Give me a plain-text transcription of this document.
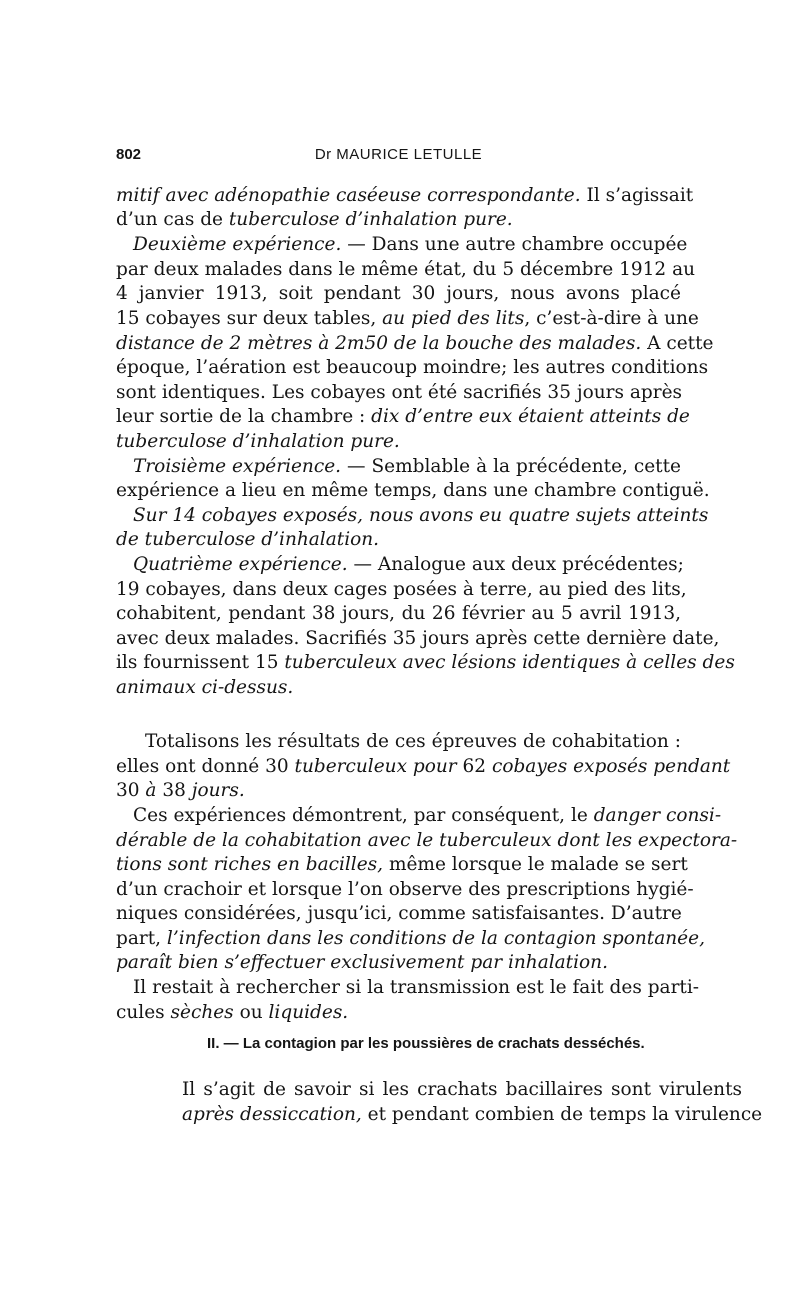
802	Dr MAURICE LETULLE
mitif avec adénopathie caséeuse correspondante. Il s’agissait
d’un cas de tuberculose d’inhalation pure.
Deuxième expérience. — Dans une autre chambre occupée
par deux malades dans le même état, du 5 décembre 1912 au
4 janvier 1913, soit pendant 30 jours, nous avons placé
15 cobayes sur deux tables, au pied des lits, c’est-à-dire à une
distance de 2 mètres à 2m50 de la bouche des malades. A cette
époque, l’aération est beaucoup moindre; les autres conditions
sont identiques. Les cobayes ont été sacrifiés 35 jours après
leur sortie de la chambre : dix d’entre eux étaient atteints de
tuberculose d’inhalation pure.
Troisième expérience. — Semblable à la précédente, cette
expérience a lieu en même temps, dans une chambre contiguë.
Sur 14 cobayes exposés, nous avons eu quatre sujets atteints
de tuberculose d’inhalation.
Quatrième expérience. — Analogue aux deux précédentes;
19 cobayes, dans deux cages posées à terre, au pied des lits,
cohabitent, pendant 38 jours, du 26 février au 5 avril 1913,
avec deux malades. Sacrifiés 35 jours après cette dernière date,
ils fournissent 15 tuberculeux avec lésions identiques à celles des
animaux ci-dessus.
Totalisons les résultats de ces épreuves de cohabitation :
elles ont donné 30 tuberculeux pour 62 cobayes exposés pendant
30 à 38 jours.
Ces expériences démontrent, par conséquent, le danger consi-
dérable de la cohabitation avec le tuberculeux dont les expectora-
tions sont riches en bacilles, même lorsque le malade se sert
d’un crachoir et lorsque l’on observe des prescriptions hygié-
niques considérées, jusqu’ici, comme satisfaisantes. D’autre
part, l’infection dans les conditions de la contagion spontanée,
paraît bien s’effectuer exclusivement par inhalation.
Il restait à rechercher si la transmission est le fait des parti-
cules sèches ou liquides.
II. — La contagion par les poussières de crachats desséchés.
Il s’agit de savoir si les crachats bacillaires sont virulents
après dessiccation, et pendant combien de temps la virulence
